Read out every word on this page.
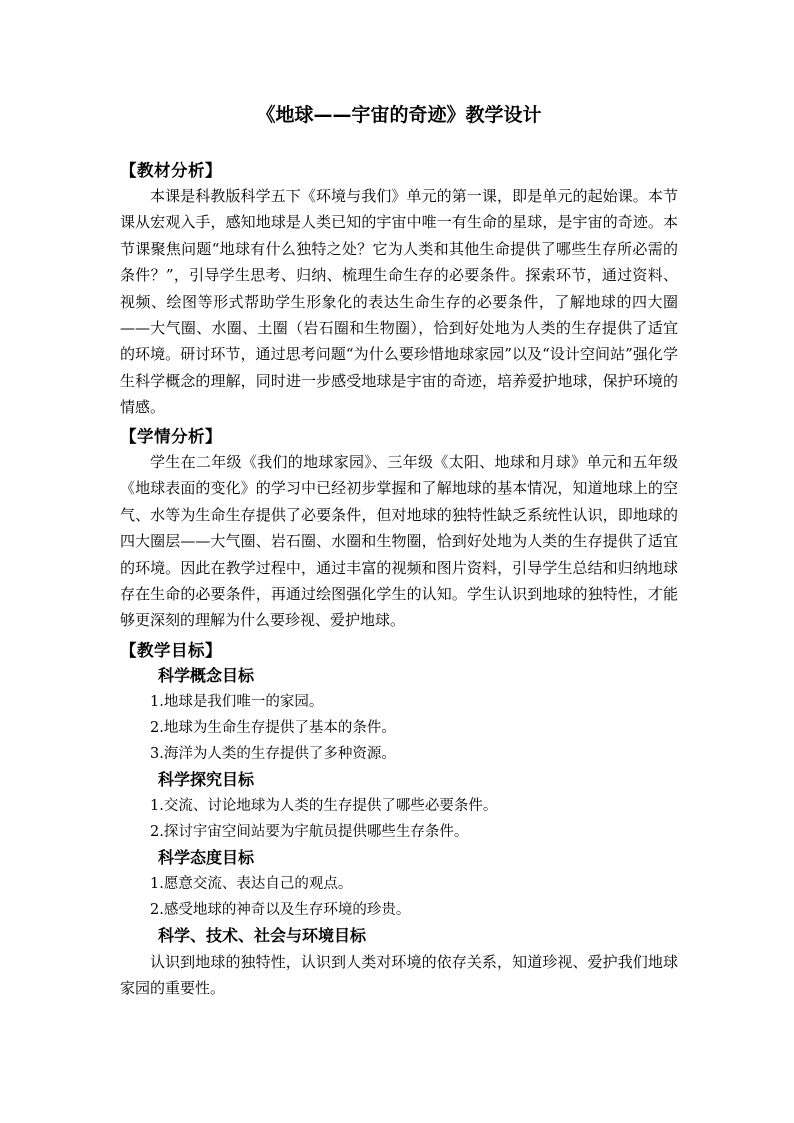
《地球——宇宙的奇迹》教学设计
【教材分析】

本课是科教版科学五下《环境与我们》单元的第一课，即是单元的起始课。本节课从宏观入手，感知地球是人类已知的宇宙中唯一有生命的星球，是宇宙的奇迹。本节课聚焦问题“地球有什么独特之处？它为人类和其他生命提供了哪些生存所必需的条件？”，引导学生思考、归纳、梳理生命生存的必要条件。探索环节，通过资料、视频、绘图等形式帮助学生形象化的表达生命生存的必要条件，了解地球的四大圈——大气圈、水圈、土圈（岩石圈和生物圈），恰到好处地为人类的生存提供了适宜的环境。研讨环节，通过思考问题“为什么要珍惜地球家园”以及“设计空间站”强化学生科学概念的理解，同时进一步感受地球是宇宙的奇迹，培养爱护地球，保护环境的情感。

【学情分析】

学生在二年级《我们的地球家园》、三年级《太阳、地球和月球》单元和五年级《地球表面的变化》的学习中已经初步掌握和了解地球的基本情况，知道地球上的空气、水等为生命生存提供了必要条件，但对地球的独特性缺乏系统性认识，即地球的四大圈层——大气圈、岩石圈、水圈和生物圈，恰到好处地为人类的生存提供了适宜的环境。因此在教学过程中，通过丰富的视频和图片资料，引导学生总结和归纳地球存在生命的必要条件，再通过绘图强化学生的认知。学生认识到地球的独特性，才能够更深刻的理解为什么要珍视、爱护地球。

【教学目标】
科学概念目标
1.地球是我们唯一的家园。
2.地球为生命生存提供了基本的条件。
3.海洋为人类的生存提供了多种资源。
科学探究目标
1.交流、讨论地球为人类的生存提供了哪些必要条件。
2.探讨宇宙空间站要为宇航员提供哪些生存条件。
科学态度目标
1.愿意交流、表达自己的观点。
2.感受地球的神奇以及生存环境的珍贵。
科学、技术、社会与环境目标

认识到地球的独特性，认识到人类对环境的依存关系，知道珍视、爱护我们地球家园的重要性。
